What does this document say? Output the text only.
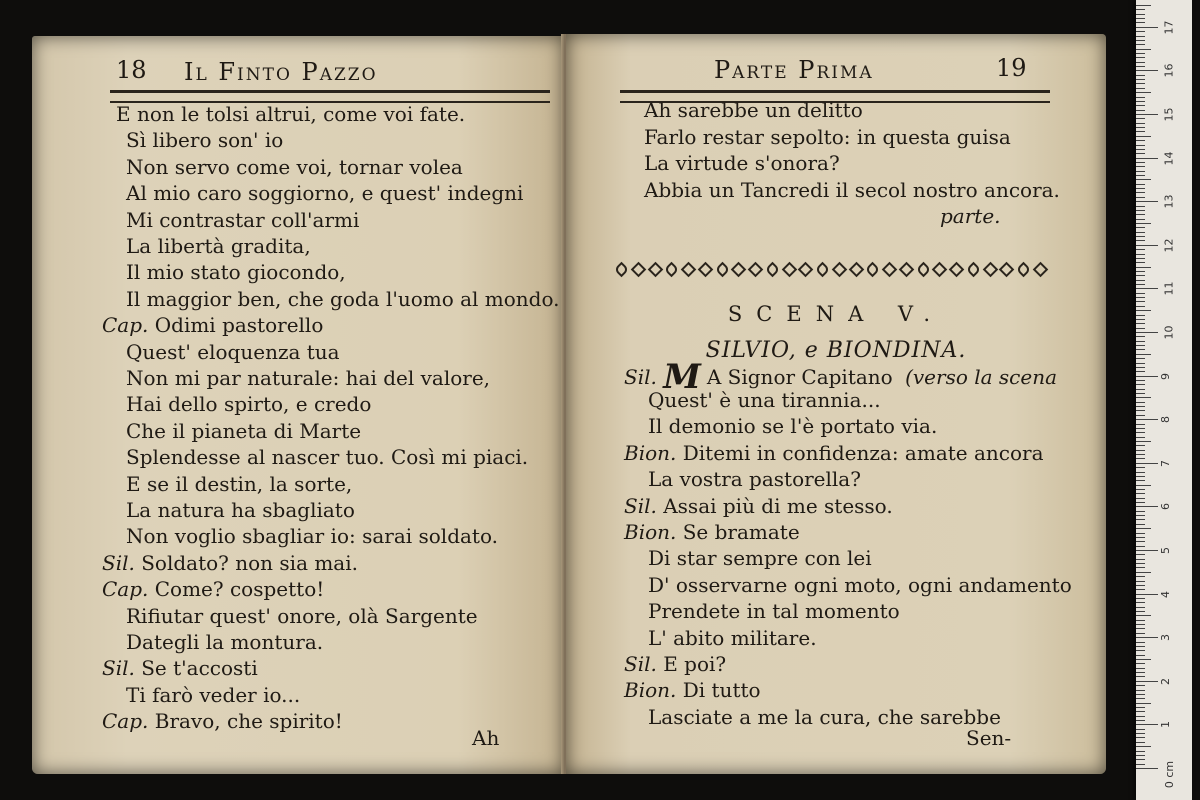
18 Il Finto Pazzo
E non le tolsi altrui, come voi fate.
Sì libero son' io
Non servo come voi, tornar volea
Al mio caro soggiorno, e quest' indegni
Mi contrastar coll'armi
La libertà gradita,
Il mio stato giocondo,
Il maggior ben, che goda l'uomo al mondo.
Cap. Odimi pastorello
Quest' eloquenza tua
Non mi par naturale: hai del valore,
Hai dello spirto, e credo
Che il pianeta di Marte
Splendesse al nascer tuo. Così mi piaci.
E se il destin, la sorte,
La natura ha sbagliato
Non voglio sbagliar io: sarai soldato.
Sil. Soldato? non sia mai.
Cap. Come? cospetto!
Rifiutar quest' onore, olà Sargente
Dategli la montura.
Sil. Se t'accosti
Ti farò veder io...
Cap. Bravo, che spirito!
Ah
Parte Prima	19
Ah sarebbe un delitto
Farlo restar sepolto: in questa guisa
La virtude s'onora?
Abbia un Tancredi il secol nostro ancora.
parte.
SCENA V.
SILVIO, e BIONDINA.
Sil. M A Signor Capitano (verso la scena
Quest' è una tirannia...
Il demonio se l'è portato via.
Bion. Ditemi in confidenza: amate ancora
La vostra pastorella?
Sil. Assai più di me stesso.
Bion. Se bramate
Di star sempre con lei
D' osservarne ogni moto, ogni andamento
Prendete in tal momento
L' abito militare.
Sil. E poi?
Bion. Di tutto
Lasciate a me la cura, che sarebbe
Sen-
0 cm
1
2
3
4
5
6
7
8
9
10
11
12
13
14
15
16
17
